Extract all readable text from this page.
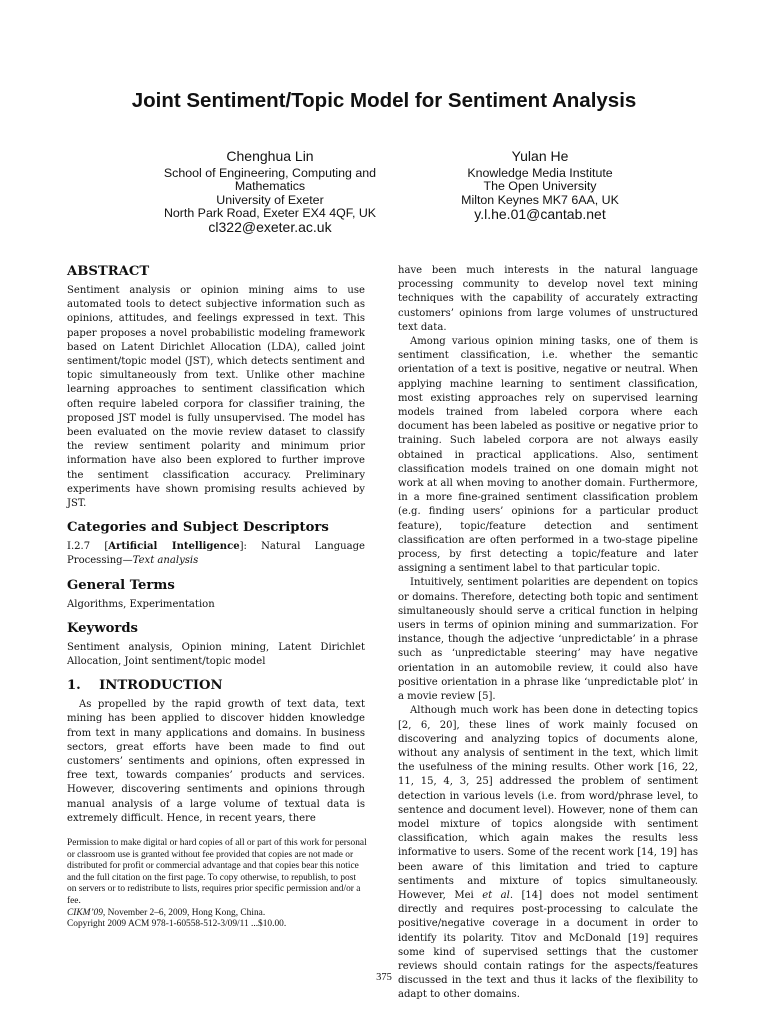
Joint Sentiment/Topic Model for Sentiment Analysis
Chenghua Lin
School of Engineering, Computing and
Mathematics
University of Exeter
North Park Road, Exeter EX4 4QF, UK
cl322@exeter.ac.uk
Yulan He
Knowledge Media Institute
The Open University
Milton Keynes MK7 6AA, UK
y.l.he.01@cantab.net
ABSTRACT

Sentiment analysis or opinion mining aims to use automated tools to detect subjective information such as opinions, attitudes, and feelings expressed in text. This paper proposes a novel probabilistic modeling framework based on Latent Dirichlet Allocation (LDA), called joint sentiment/topic model (JST), which detects sentiment and topic simultaneously from text. Unlike other machine learning approaches to sentiment classification which often require labeled corpora for classifier training, the proposed JST model is fully unsupervised. The model has been evaluated on the movie review dataset to classify the review sentiment polarity and minimum prior information have also been explored to further improve the sentiment classification accuracy. Preliminary experiments have shown promising results achieved by JST.

Categories and Subject Descriptors

I.2.7 [Artificial Intelligence]: Natural Language Processing—Text analysis

General Terms

Algorithms, Experimentation

Keywords

Sentiment analysis, Opinion mining, Latent Dirichlet Allocation, Joint sentiment/topic model

1.    INTRODUCTION

As propelled by the rapid growth of text data, text mining has been applied to discover hidden knowledge from text in many applications and domains. In business sectors, great efforts have been made to find out customers’ sentiments and opinions, often expressed in free text, towards companies’ products and services. However, discovering sentiments and opinions through manual analysis of a large volume of textual data is extremely difficult. Hence, in recent years, there

Permission to make digital or hard copies of all or part of this work for personal or classroom use is granted without fee provided that copies are not made or distributed for profit or commercial advantage and that copies bear this notice and the full citation on the first page. To copy otherwise, to republish, to post on servers or to redistribute to lists, requires prior specific permission and/or a fee.

CIKM’09, November 2–6, 2009, Hong Kong, China.

Copyright 2009 ACM 978-1-60558-512-3/09/11 ...$10.00.

have been much interests in the natural language processing community to develop novel text mining techniques with the capability of accurately extracting customers’ opinions from large volumes of unstructured text data.

Among various opinion mining tasks, one of them is sentiment classification, i.e. whether the semantic orientation of a text is positive, negative or neutral. When applying machine learning to sentiment classification, most existing approaches rely on supervised learning models trained from labeled corpora where each document has been labeled as positive or negative prior to training. Such labeled corpora are not always easily obtained in practical applications. Also, sentiment classification models trained on one domain might not work at all when moving to another domain. Furthermore, in a more fine-grained sentiment classification problem (e.g. finding users’ opinions for a particular product feature), topic/feature detection and sentiment classification are often performed in a two-stage pipeline process, by first detecting a topic/feature and later assigning a sentiment label to that particular topic.

Intuitively, sentiment polarities are dependent on topics or domains. Therefore, detecting both topic and sentiment simultaneously should serve a critical function in helping users in terms of opinion mining and summarization. For instance, though the adjective ‘unpredictable’ in a phrase such as ‘unpredictable steering’ may have negative orientation in an automobile review, it could also have positive orientation in a phrase like ‘unpredictable plot’ in a movie review [5].

Although much work has been done in detecting topics [2, 6, 20], these lines of work mainly focused on discovering and analyzing topics of documents alone, without any analysis of sentiment in the text, which limit the usefulness of the mining results. Other work [16, 22, 11, 15, 4, 3, 25] addressed the problem of sentiment detection in various levels (i.e. from word/phrase level, to sentence and document level). However, none of them can model mixture of topics alongside with sentiment classification, which again makes the results less informative to users. Some of the recent work [14, 19] has been aware of this limitation and tried to capture sentiments and mixture of topics simultaneously. However, Mei et al. [14] does not model sentiment directly and requires post-processing to calculate the positive/negative coverage in a document in order to identify its polarity. Titov and McDonald [19] requires some kind of supervised settings that the customer reviews should contain ratings for the aspects/features discussed in the text and thus it lacks of the flexibility to adapt to other domains.

375
